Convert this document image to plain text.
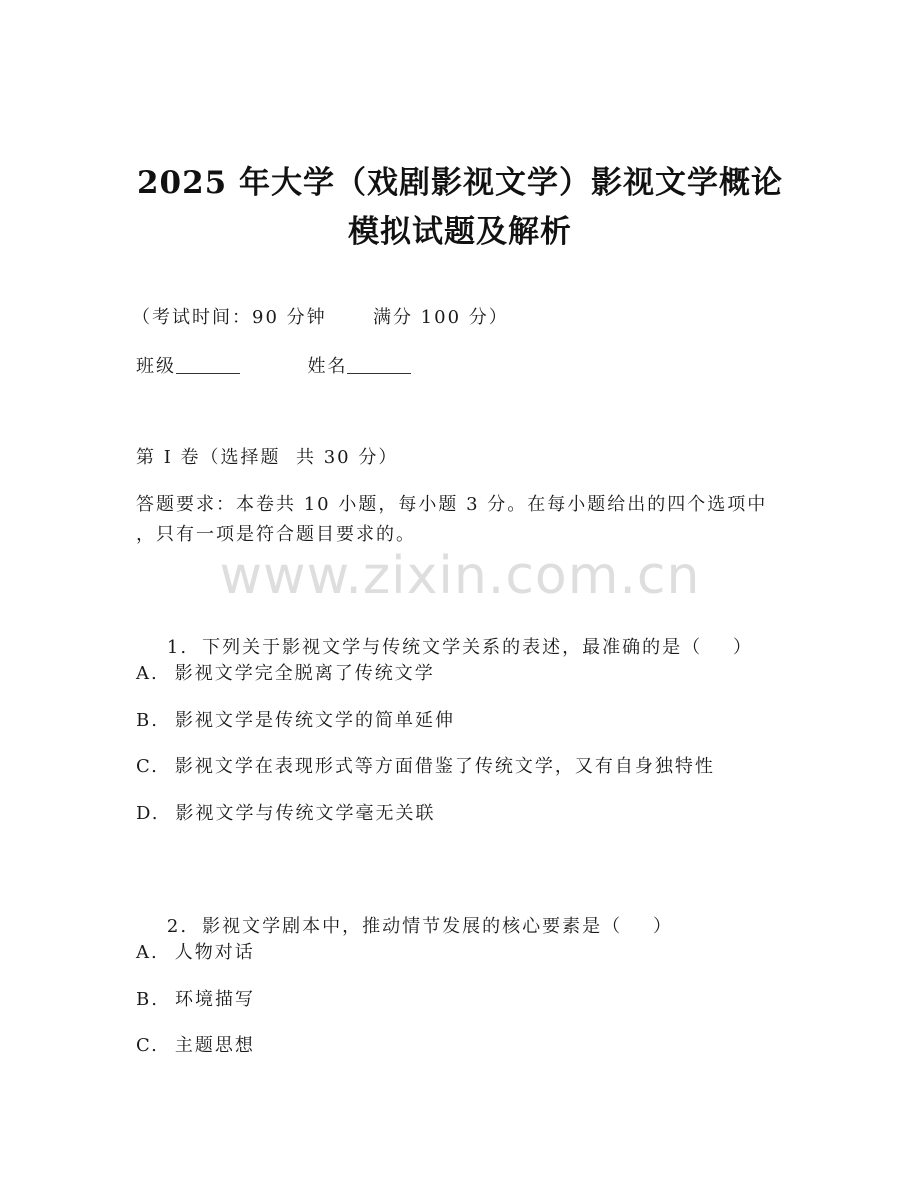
2025 年大学（戏剧影视文学）影视文学概论
模拟试题及解析
（考试时间：90 分钟      满分 100 分）
班级	姓名
第 I 卷（选择题  共 30 分）
答题要求：本卷共 10 小题，每小题 3 分。在每小题给出的四个选项中
，只有一项是符合题目要求的。
www.zixin.com.cn

1. 下列关于影视文学与传统文学关系的表述，最准确的是（    ）

A. 影视文学完全脱离了传统文学
B. 影视文学是传统文学的简单延伸
C. 影视文学在表现形式等方面借鉴了传统文学，又有自身独特性
D. 影视文学与传统文学毫无关联

2. 影视文学剧本中，推动情节发展的核心要素是（    ）

A. 人物对话
B. 环境描写
C. 主题思想
